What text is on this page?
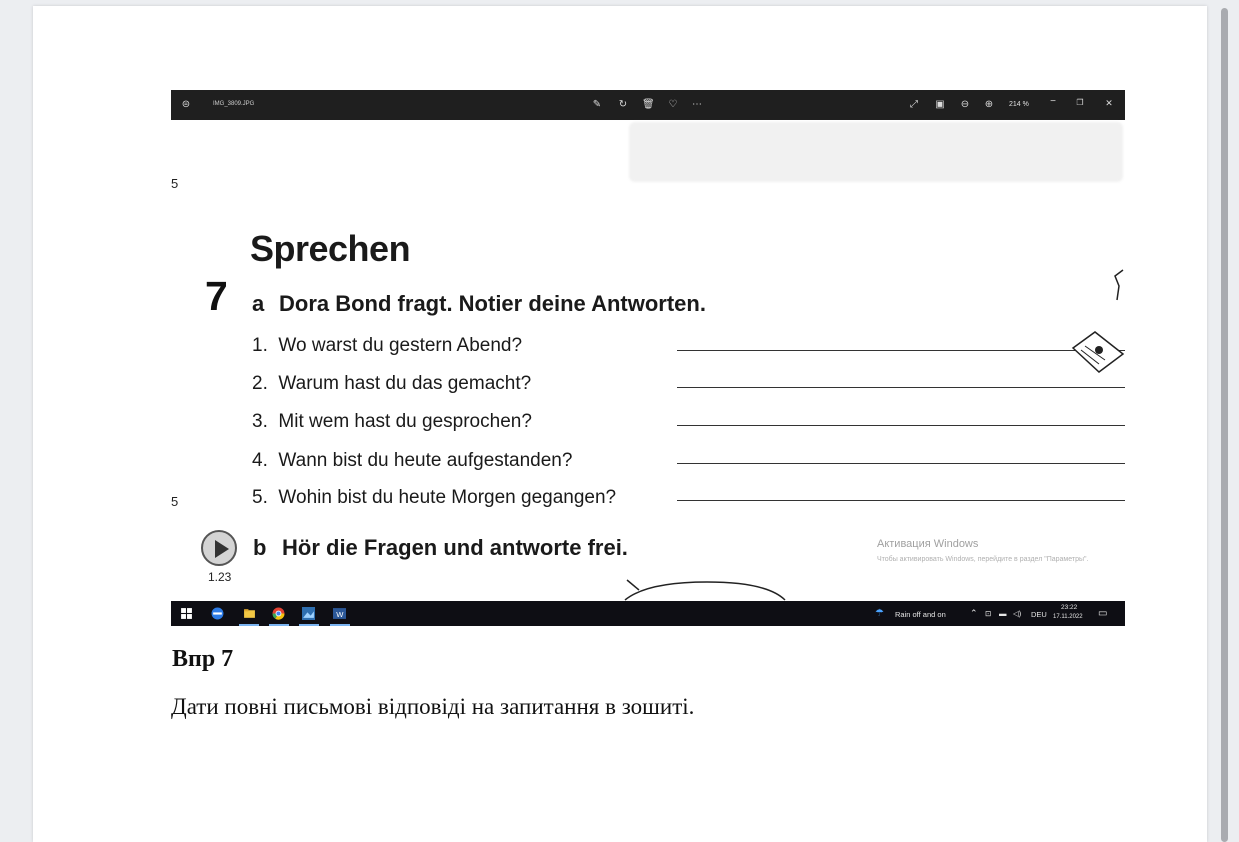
⊜	IMG_3809.JPG	✎ ↻ 🗑 ♡ ⋯	⤢ ▣ ⊖ ⊕ 214 %	−	❐ ✕
5
5
Sprechen
7 a Dora Bond fragt. Notier deine Antworten.
1. Wo warst du gestern Abend?
2. Warum hast du das gemacht?
3. Mit wem hast du gesprochen?
4. Wann bist du heute aufgestanden?
5. Wohin bist du heute Morgen gegangen?
1.23
b Hör die Fragen und antworte frei.	Активация Windows
Чтобы активировать Windows, перейдите в раздел "Параметры".
W	☂ Rain off and on	⌃ ⊡ ▬ ◁) DEU
23:22
17.11.2022 ▭
Впр 7
Дати повні письмові відповіді на запитання в зошиті.
